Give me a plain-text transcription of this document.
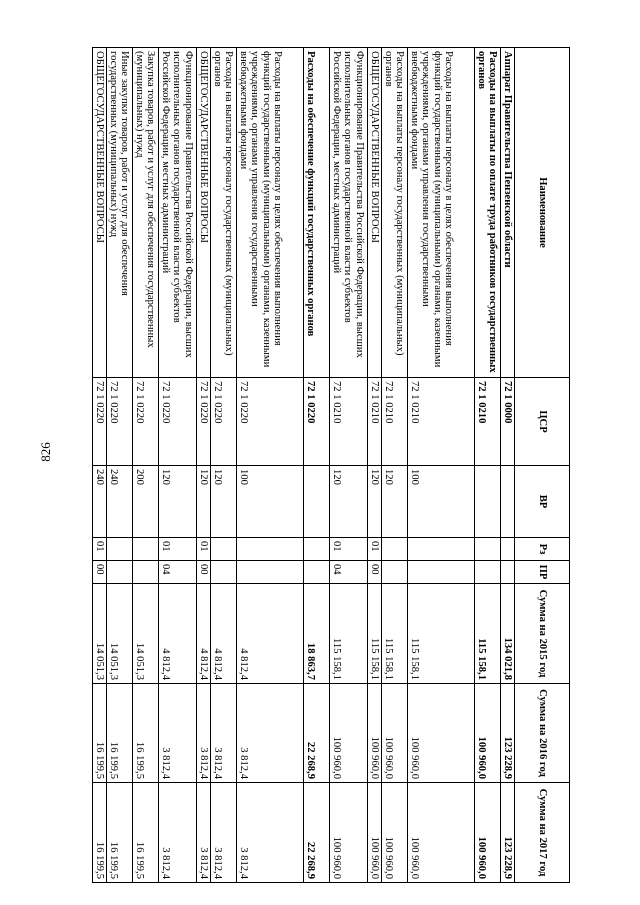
826
Наименование	ЦСР	ВР	Рз	ПР	Сумма на 2015 год	Сумма на 2016 год	Сумма на 2017 год
Аппарат Правительства Пензенской области	72 1 0000				134 021,8	123 228,9	123 228,9
Расходы на выплаты по оплате труда работников государственных органов	72 1 0210				115 158,1	100 960,0	100 960,0
Расходы на выплаты персоналу в целях обеспечения выполнения функций государственными (муниципальными) органами, казенными учреждениями, органами управления государственными внебюджетными фондами	72 1 0210	100			115 158,1	100 960,0	100 960,0
Расходы на выплаты персоналу государственных (муниципальных) органов	72 1 0210	120			115 158,1	100 960,0	100 960,0
ОБЩЕГОСУДАРСТВЕННЫЕ ВОПРОСЫ	72 1 0210	120	01	00	115 158,1	100 960,0	100 960,0
Функционирование Правительства Российской Федерации, высших исполнительных органов государственной власти субъектов Российской Федерации, местных администраций	72 1 0210	120	01	04	115 158,1	100 960,0	100 960,0
Расходы на обеспечение функций государственных органов	72 1 0220				18 863,7	22 268,9	22 268,9
Расходы на выплаты персоналу в целях обеспечения выполнения функций государственными (муниципальными) органами, казенными учреждениями, органами управления государственными внебюджетными фондами	72 1 0220	100			4 812,4	3 812,4	3 812,4
Расходы на выплаты персоналу государственных (муниципальных) органов	72 1 0220	120			4 812,4	3 812,4	3 812,4
ОБЩЕГОСУДАРСТВЕННЫЕ ВОПРОСЫ	72 1 0220	120	01	00	4 812,4	3 812,4	3 812,4
Функционирование Правительства Российской Федерации, высших исполнительных органов государственной власти субъектов Российской Федерации, местных администраций	72 1 0220	120	01	04	4 812,4	3 812,4	3 812,4
Закупка товаров, работ и услуг для обеспечения государственных (муниципальных) нужд	72 1 0220	200			14 051,3	16 199,5	16 199,5
Иные закупки товаров, работ и услуг для обеспечения государственных (муниципальных) нужд	72 1 0220	240			14 051,3	16 199,5	16 199,5
ОБЩЕГОСУДАРСТВЕННЫЕ ВОПРОСЫ	72 1 0220	240	01	00	14 051,3	16 199,5	16 199,5
